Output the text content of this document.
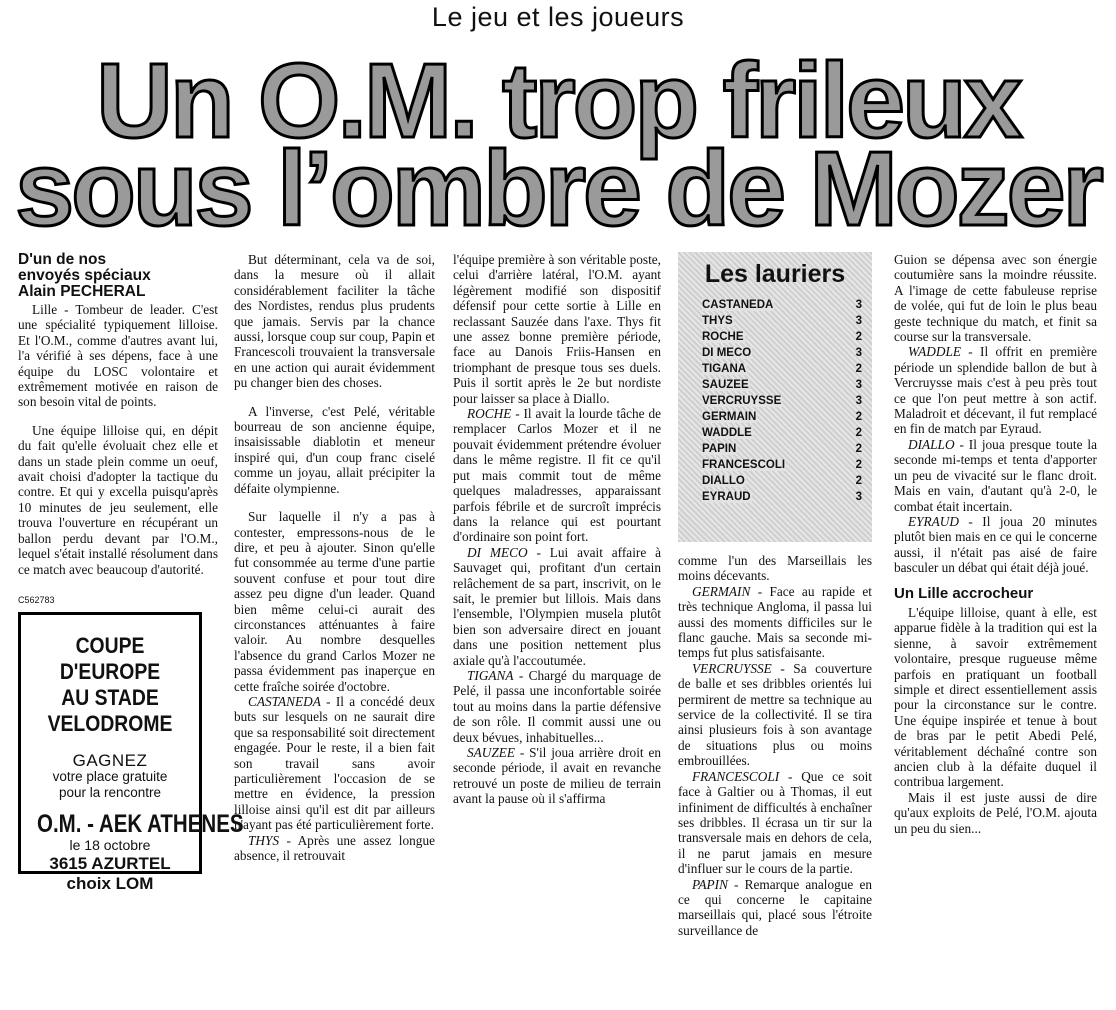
Le jeu et les joueurs
Un O.M. trop frileux
sous l’ombre de Mozer
D'un de nos
envoyés spéciaux
Alain PECHERAL

Lille - Tombeur de leader. C'est une spécialité typiquement lilloise. Et l'O.M., comme d'autres avant lui, l'a vérifié à ses dépens, face à une équipe du LOSC volontaire et extrêmement motivée en raison de son besoin vital de points.

Une équipe lilloise qui, en dépit du fait qu'elle évoluait chez elle et dans un stade plein comme un oeuf, avait choisi d'adopter la tactique du contre. Et qui y excella puisqu'après 10 minutes de jeu seulement, elle trouva l'ouverture en récupérant un ballon perdu devant par l'O.M., lequel s'était installé résolument dans ce match avec beaucoup d'autorité.

C562783
COUPE D'EUROPE
AU STADE VELODROME
GAGNEZ
votre place gratuite
pour la rencontre
O.M. - AEK ATHENES
le 18 octobre
3615 AZURTEL
choix LOM

But déterminant, cela va de soi, dans la mesure où il allait considérablement faciliter la tâche des Nordistes, rendus plus prudents que jamais. Servis par la chance aussi, lorsque coup sur coup, Papin et Francescoli trouvaient la transversale en une action qui aurait évidemment pu changer bien des choses.

A l'inverse, c'est Pelé, véritable bourreau de son ancienne équipe, insaisissable diablotin et meneur inspiré qui, d'un coup franc ciselé comme un joyau, allait précipiter la défaite olympienne.

Sur laquelle il n'y a pas à contester, empressons-nous de le dire, et peu à ajouter. Sinon qu'elle fut consommée au terme d'une partie souvent confuse et pour tout dire assez peu digne d'un leader. Quand bien même celui-ci aurait des circonstances atténuantes à faire valoir. Au nombre desquelles l'absence du grand Carlos Mozer ne passa évidemment pas inaperçue en cette fraîche soirée d'octobre.

CASTANEDA - Il a concédé deux buts sur lesquels on ne saurait dire que sa responsabilité soit directement engagée. Pour le reste, il a bien fait son travail sans avoir particulièrement l'occasion de se mettre en évidence, la pression lilloise ainsi qu'il est dit par ailleurs n'ayant pas été particulièrement forte.

THYS - Après une assez longue absence, il retrouvait

l'équipe première à son véritable poste, celui d'arrière latéral, l'O.M. ayant légèrement modifié son dispositif défensif pour cette sortie à Lille en reclassant Sauzée dans l'axe. Thys fit une assez bonne première période, face au Danois Friis-Hansen en triomphant de presque tous ses duels. Puis il sortit après le 2e but nordiste pour laisser sa place à Diallo.

ROCHE - Il avait la lourde tâche de remplacer Carlos Mozer et il ne pouvait évidemment prétendre évoluer dans le même registre. Il fit ce qu'il put mais commit tout de même quelques maladresses, apparaissant parfois fébrile et de surcroît imprécis dans la relance qui est pourtant d'ordinaire son point fort.

DI MECO - Lui avait affaire à Sauvaget qui, profitant d'un certain relâchement de sa part, inscrivit, on le sait, le premier but lillois. Mais dans l'ensemble, l'Olympien musela plutôt bien son adversaire direct en jouant dans une position nettement plus axiale qu'à l'accoutumée.

TIGANA - Chargé du marquage de Pelé, il passa une inconfortable soirée tout au moins dans la partie défensive de son rôle. Il commit aussi une ou deux bévues, inhabituelles...

SAUZEE - S'il joua arrière droit en seconde période, il avait en revanche retrouvé un poste de milieu de terrain avant la pause où il s'affirma

Les lauriers
CASTANEDA	3
THYS	3
ROCHE	2
DI MECO	3
TIGANA	2
SAUZEE	3
VERCRUYSSE	3
GERMAIN	2
WADDLE	2
PAPIN	2
FRANCESCOLI	2
DIALLO	2
EYRAUD	3

comme l'un des Marseillais les moins décevants.

GERMAIN - Face au rapide et très technique Angloma, il passa lui aussi des moments difficiles sur le flanc gauche. Mais sa seconde mi-temps fut plus satisfaisante.

VERCRUYSSE - Sa couverture de balle et ses dribbles orientés lui permirent de mettre sa technique au service de la collectivité. Il se tira ainsi plusieurs fois à son avantage de situations plus ou moins embrouillées.

FRANCESCOLI - Que ce soit face à Galtier ou à Thomas, il eut infiniment de difficultés à enchaîner ses dribbles. Il écrasa un tir sur la transversale mais en dehors de cela, il ne parut jamais en mesure d'influer sur le cours de la partie.

PAPIN - Remarque analogue en ce qui concerne le capitaine marseillais qui, placé sous l'étroite surveillance de

Guion se dépensa avec son énergie coutumière sans la moindre réussite. A l'image de cette fabuleuse reprise de volée, qui fut de loin le plus beau geste technique du match, et finit sa course sur la transversale.

WADDLE - Il offrit en première période un splendide ballon de but à Vercruysse mais c'est à peu près tout ce que l'on peut mettre à son actif. Maladroit et décevant, il fut remplacé en fin de match par Eyraud.

DIALLO - Il joua presque toute la seconde mi-temps et tenta d'apporter un peu de vivacité sur le flanc droit. Mais en vain, d'autant qu'à 2-0, le combat était incertain.

EYRAUD - Il joua 20 minutes plutôt bien mais en ce qui le concerne aussi, il n'était pas aisé de faire basculer un débat qui était déjà joué.

Un Lille accrocheur

L'équipe lilloise, quant à elle, est apparue fidèle à la tradition qui est la sienne, à savoir extrêmement volontaire, presque rugueuse même parfois en pratiquant un football simple et direct essentiellement assis pour la circonstance sur le contre. Une équipe inspirée et tenue à bout de bras par le petit Abedi Pelé, véritablement déchaîné contre son ancien club à la défaite duquel il contribua largement.

Mais il est juste aussi de dire qu'aux exploits de Pelé, l'O.M. ajouta un peu du sien...
